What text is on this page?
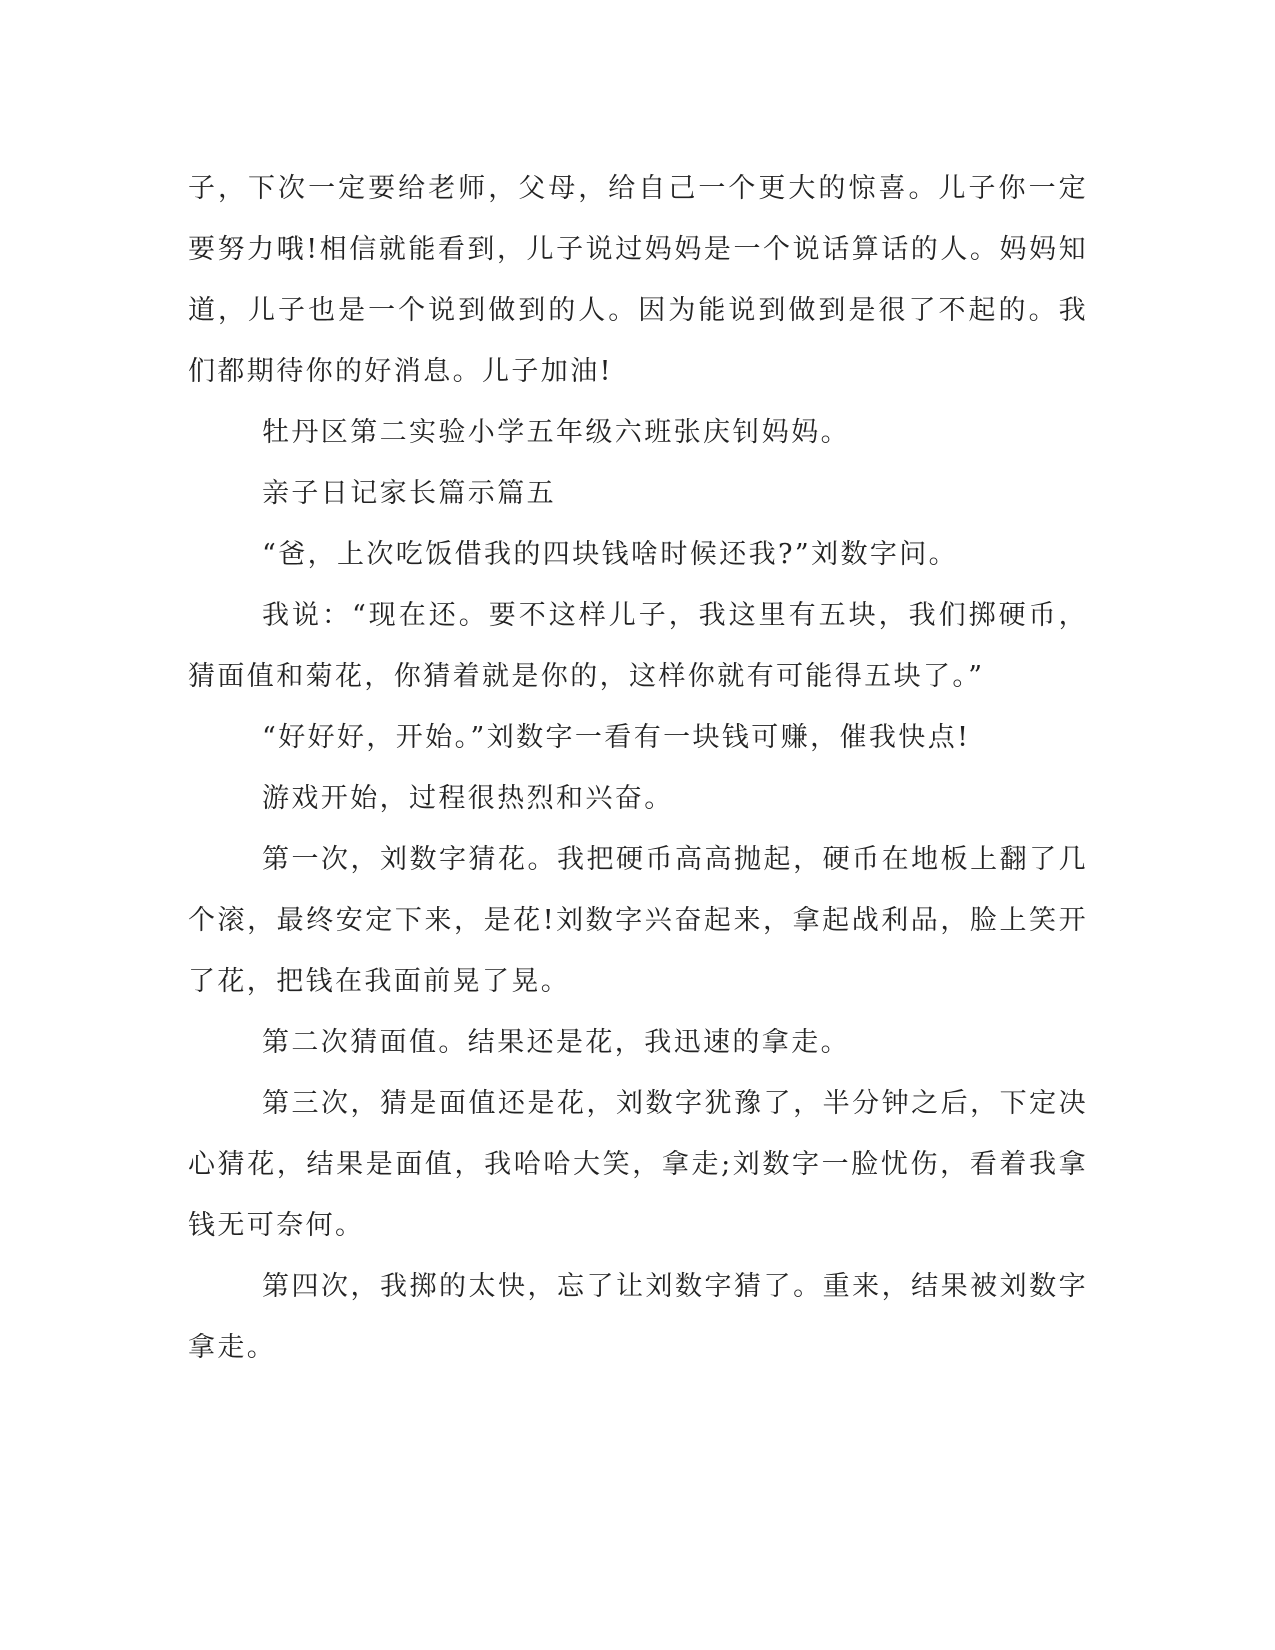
子，下次一定要给老师，父母，给自己一个更大的惊喜。儿子你一定要努力哦!相信就能看到，儿子说过妈妈是一个说话算话的人。妈妈知道，儿子也是一个说到做到的人。因为能说到做到是很了不起的。我们都期待你的好消息。儿子加油!

牡丹区第二实验小学五年级六班张庆钊妈妈。

亲子日记家长篇示篇五

“爸，上次吃饭借我的四块钱啥时候还我?”刘数字问。

我说：“现在还。要不这样儿子，我这里有五块，我们掷硬币，猜面值和菊花，你猜着就是你的，这样你就有可能得五块了。”

“好好好，开始。”刘数字一看有一块钱可赚，催我快点!

游戏开始，过程很热烈和兴奋。

第一次，刘数字猜花。我把硬币高高抛起，硬币在地板上翻了几个滚，最终安定下来，是花!刘数字兴奋起来，拿起战利品，脸上笑开了花，把钱在我面前晃了晃。

第二次猜面值。结果还是花，我迅速的拿走。

第三次，猜是面值还是花，刘数字犹豫了，半分钟之后，下定决心猜花，结果是面值，我哈哈大笑，拿走;刘数字一脸忧伤，看着我拿钱无可奈何。

第四次，我掷的太快，忘了让刘数字猜了。重来，结果被刘数字拿走。
